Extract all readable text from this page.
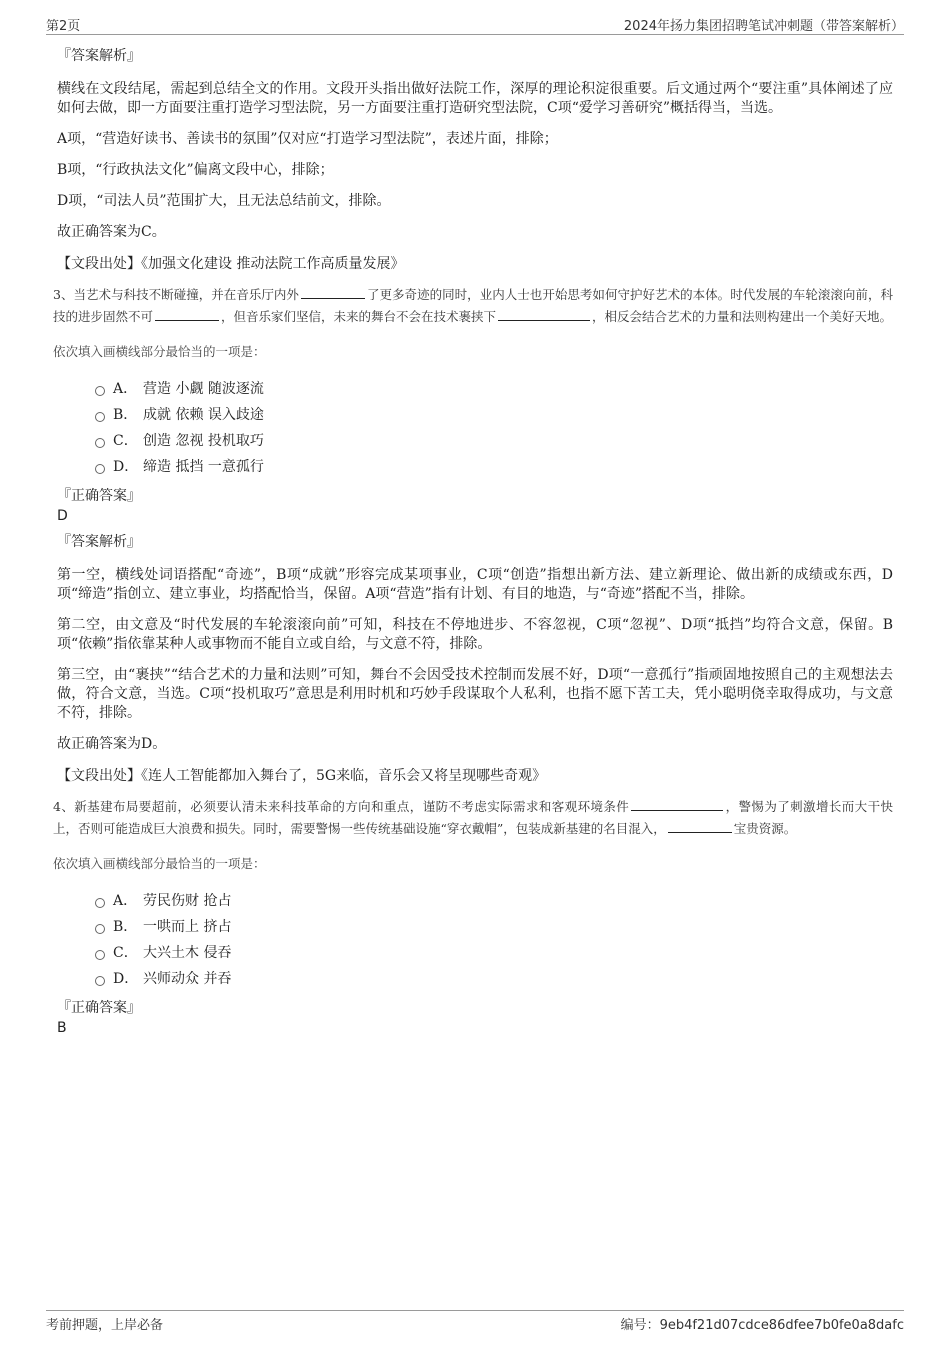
第2页	2024年扬力集团招聘笔试冲刺题（带答案解析）
『答案解析』

横线在文段结尾，需起到总结全文的作用。文段开头指出做好法院工作，深厚的理论积淀很重要。后文通过两个“要注重”具体阐述了应如何去做，即一方面要注重打造学习型法院，另一方面要注重打造研究型法院，C项“爱学习善研究”概括得当，当选。

A项，“营造好读书、善读书的氛围”仅对应“打造学习型法院”，表述片面，排除；

B项，“行政执法文化”偏离文段中心，排除；

D项，“司法人员”范围扩大，且无法总结前文，排除。

故正确答案为C。

【文段出处】《加强文化建设 推动法院工作高质量发展》

3、当艺术与科技不断碰撞，并在音乐厅内外	了更多奇迹的同时，业内人士也开始思考如何守护好艺术的本体。时代发展的车轮滚滚向前，科技的进步固然不可	，但音乐家们坚信，未来的舞台不会在技术裹挟下	，相反会结合艺术的力量和法则构建出一个美好天地。

依次填入画横线部分最恰当的一项是：

A． 营造 小觑 随波逐流
B． 成就 依赖 误入歧途
C． 创造 忽视 投机取巧
D． 缔造 抵挡 一意孤行
『正确答案』
D
『答案解析』

第一空，横线处词语搭配“奇迹”，B项“成就”形容完成某项事业，C项“创造”指想出新方法、建立新理论、做出新的成绩或东西，D项“缔造”指创立、建立事业，均搭配恰当，保留。A项“营造”指有计划、有目的地造，与“奇迹”搭配不当，排除。

第二空，由文意及“时代发展的车轮滚滚向前”可知，科技在不停地进步、不容忽视，C项“忽视”、D项“抵挡”均符合文意，保留。B项“依赖”指依靠某种人或事物而不能自立或自给，与文意不符，排除。

第三空，由“裹挟”“结合艺术的力量和法则”可知，舞台不会因受技术控制而发展不好，D项“一意孤行”指顽固地按照自己的主观想法去做，符合文意，当选。C项“投机取巧”意思是利用时机和巧妙手段谋取个人私利，也指不愿下苦工夫，凭小聪明侥幸取得成功，与文意不符，排除。

故正确答案为D。

【文段出处】《连人工智能都加入舞台了，5G来临，音乐会又将呈现哪些奇观》

4、新基建布局要超前，必须要认清未来科技革命的方向和重点，谨防不考虑实际需求和客观环境条件	，警惕为了刺激增长而大干快上，否则可能造成巨大浪费和损失。同时，需要警惕一些传统基础设施“穿衣戴帽”，包装成新基建的名目混入，	宝贵资源。

依次填入画横线部分最恰当的一项是：

A． 劳民伤财 抢占
B． 一哄而上 挤占
C． 大兴土木 侵吞
D． 兴师动众 并吞
『正确答案』
B
考前押题，上岸必备	编号：9eb4f21d07cdce86dfee7b0fe0a8dafc
